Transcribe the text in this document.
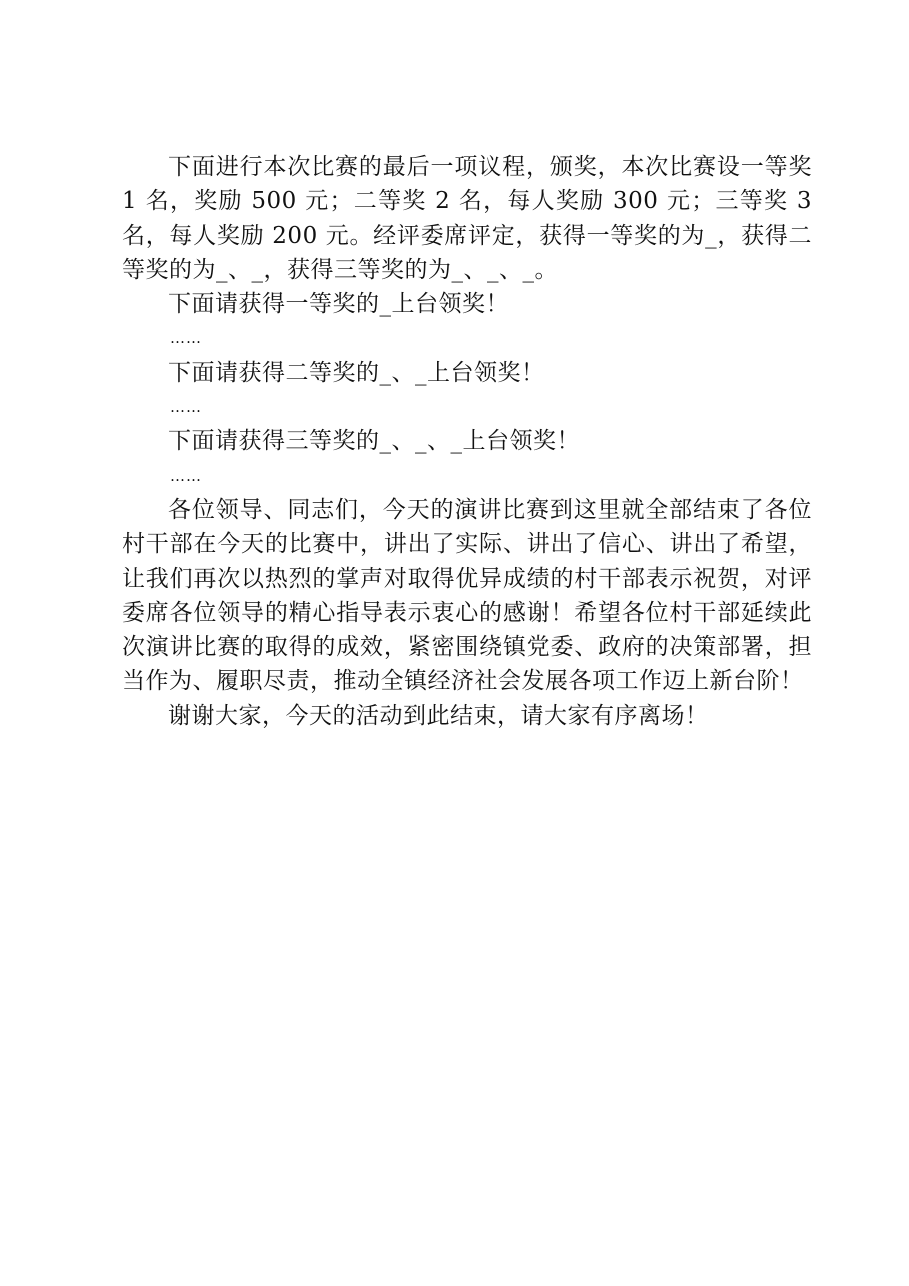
下面进行本次比赛的最后一项议程，颁奖，本次比赛设一等奖 1 名，奖励 500 元；二等奖 2 名，每人奖励 300 元；三等奖 3 名，每人奖励 200 元。经评委席评定，获得一等奖的为_，获得二等奖的为_、_，获得三等奖的为_、_、_。

下面请获得一等奖的_上台领奖！

……

下面请获得二等奖的_、_上台领奖！

……

下面请获得三等奖的_、_、_上台领奖！

……

各位领导、同志们，今天的演讲比赛到这里就全部结束了各位村干部在今天的比赛中，讲出了实际、讲出了信心、讲出了希望，让我们再次以热烈的掌声对取得优异成绩的村干部表示祝贺，对评委席各位领导的精心指导表示衷心的感谢！希望各位村干部延续此次演讲比赛的取得的成效，紧密围绕镇党委、政府的决策部署，担当作为、履职尽责，推动全镇经济社会发展各项工作迈上新台阶！

谢谢大家，今天的活动到此结束，请大家有序离场！
